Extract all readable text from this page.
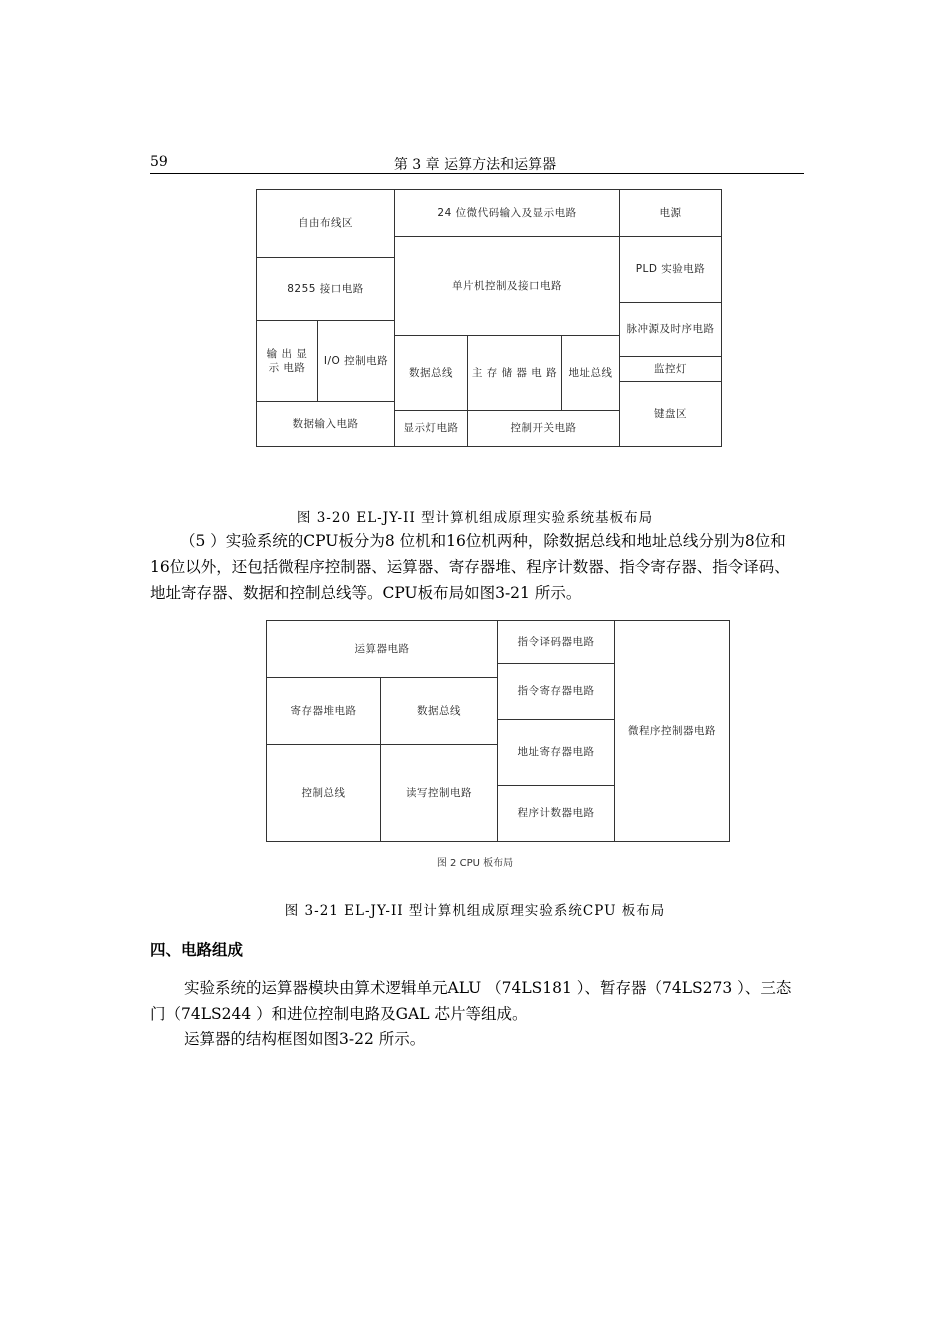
59	第 3 章 运算方法和运算器
自由布线区
24 位微代码输入及显示电路	电源
8255 接口电路	单片机控制及接口电路
PLD 实验电路
脉冲源及时序电路
输 出 显 示 电路
I/O 控制电路
数据总线 主 存 储 器 电 路 地址总线	监控灯
数据输入电路	显示灯电路	控制开关电路
键盘区
图 3-20 EL-JY-II 型计算机组成原理实验系统基板布局
（5 ）实验系统的CPU板分为8 位机和16位机两种，除数据总线和地址总线分别为8位和16位以外，还包括微程序控制器、运算器、寄存器堆、程序计数器、指令寄存器、指令译码、地址寄存器、数据和控制总线等。CPU板布局如图3-21 所示。
运算器电路
指令译码器电路
微程序控制器电路
指令寄存器电路
寄存器堆电路	数据总线
地址寄存器电路
控制总线	读写控制电路
程序计数器电路
图 2 CPU 板布局
图 3-21 EL-JY-II 型计算机组成原理实验系统CPU 板布局
四、电路组成
实验系统的运算器模块由算术逻辑单元ALU （74LS181 ）、暂存器（74LS273 ）、三态门（74LS244 ）和进位控制电路及GAL 芯片等组成。
运算器的结构框图如图3-22 所示。
